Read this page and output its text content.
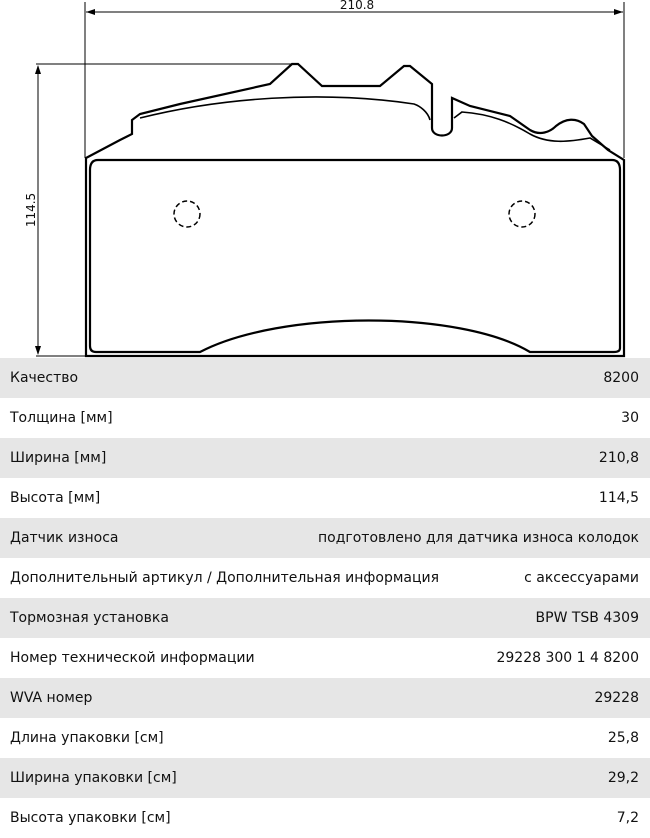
210.8
114.5
Качество	8200
Толщина [мм]	30
Ширина [мм]	210,8
Высота [мм]	114,5
Датчик износа	подготовлено для датчика износа колодок
Дополнительный артикул / Дополнительная информация	с аксессуарами
Тормозная установка	BPW TSB 4309
Номер технической информации	29228 300 1 4 8200
WVA номер	29228
Длина упаковки [см]	25,8
Ширина упаковки [см]	29,2
Высота упаковки [см]	7,2
